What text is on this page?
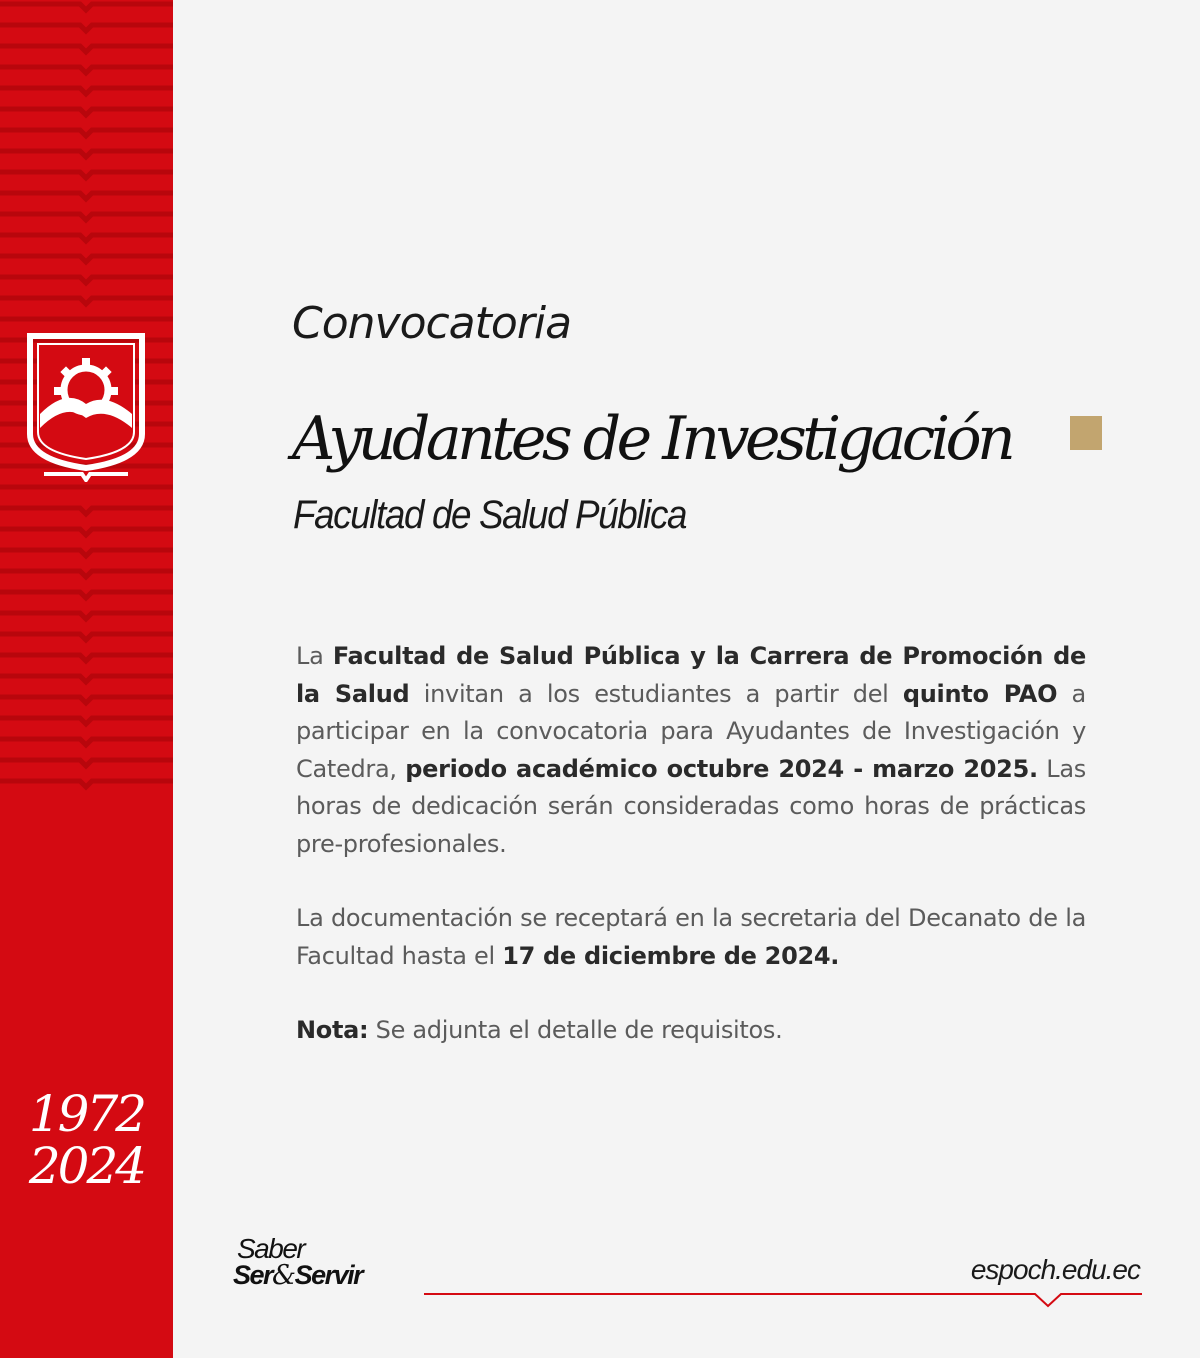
1972
2024
Convocatoria
Ayudantes de Investigación
Facultad de Salud Pública
La Facultad de Salud Pública y la Carrera de Promoción de la Salud invitan a los estudiantes a partir del quinto PAO a participar en la convocatoria para Ayudantes de Investigación y Catedra, periodo académico octubre 2024 - marzo 2025. Las horas de dedicación serán consideradas como horas de prácticas pre-profesionales.
La documentación se receptará en la secretaria del Decanato de la Facultad hasta el 17 de diciembre de 2024.
Nota: Se adjunta el detalle de requisitos.
Saber
Ser&Servir	espoch.edu.ec
